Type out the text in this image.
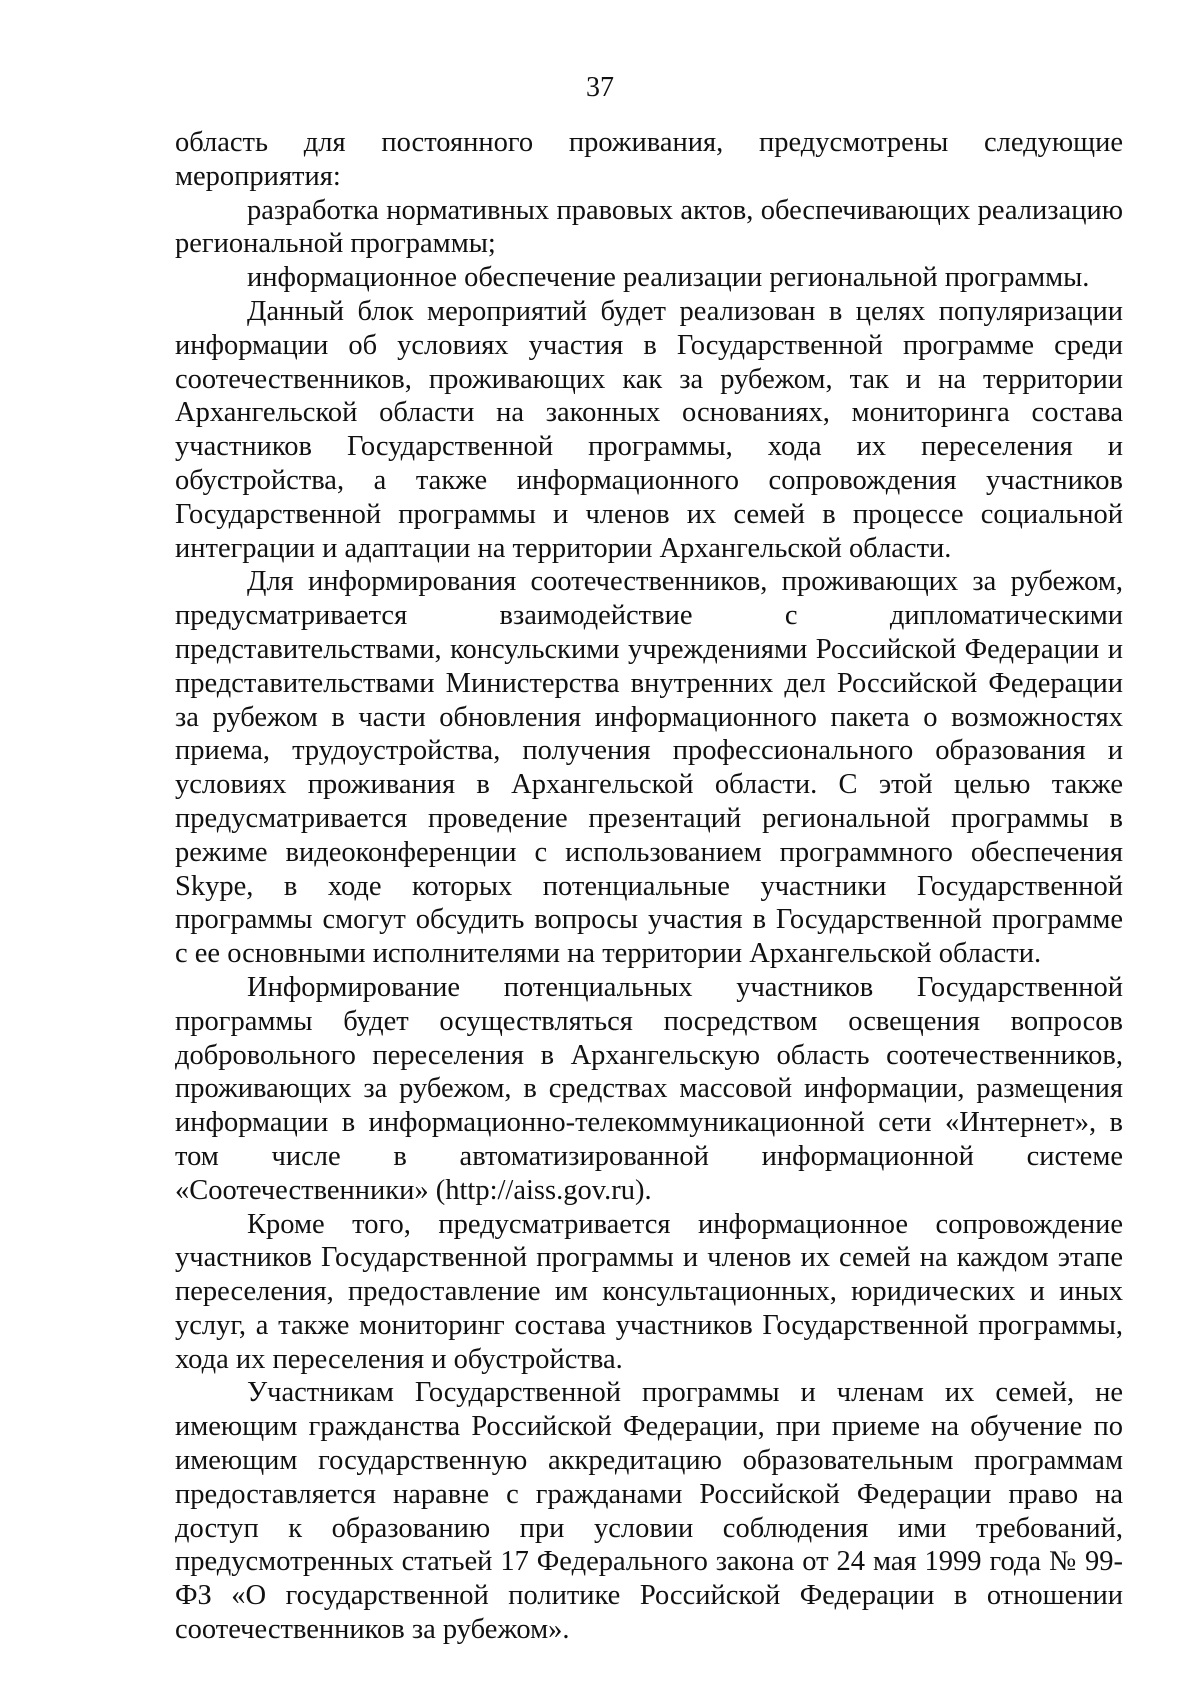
37

область для постоянного проживания, предусмотрены следующие мероприятия:

разработка нормативных правовых актов, обеспечивающих реализацию региональной программы;

информационное обеспечение реализации региональной программы.

Данный блок мероприятий будет реализован в целях популяризации информации об условиях участия в Государственной программе среди соотечественников, проживающих как за рубежом, так и на территории Архангельской области на законных основаниях, мониторинга состава участников Государственной программы, хода их переселения и обустройства, а также информационного сопровождения участников Государственной программы и членов их семей в процессе социальной интеграции и адаптации на территории Архангельской области.

Для информирования соотечественников, проживающих за рубежом, предусматривается взаимодействие с дипломатическими представительствами, консульскими учреждениями Российской Федерации и представительствами Министерства внутренних дел Российской Федерации за рубежом в части обновления информационного пакета о возможностях приема, трудоустройства, получения профессионального образования и условиях проживания в Архангельской области. С этой целью также предусматривается проведение презентаций региональной программы в режиме видеоконференции с использованием программного обеспечения Skype, в ходе которых потенциальные участники Государственной программы смогут обсудить вопросы участия в Государственной программе с ее основными исполнителями на территории Архангельской области.

Информирование потенциальных участников Государственной программы будет осуществляться посредством освещения вопросов добровольного переселения в Архангельскую область соотечественников, проживающих за рубежом, в средствах массовой информации, размещения информации в информационно-телекоммуникационной сети «Интернет», в том числе в автоматизированной информационной системе «Соотечественники» (http://aiss.gov.ru).

Кроме того, предусматривается информационное сопровождение участников Государственной программы и членов их семей на каждом этапе переселения, предоставление им консультационных, юридических и иных услуг, а также мониторинг состава участников Государственной программы, хода их переселения и обустройства.

Участникам Государственной программы и членам их семей, не имеющим гражданства Российской Федерации, при приеме на обучение по имеющим государственную аккредитацию образовательным программам предоставляется наравне с гражданами Российской Федерации право на доступ к образованию при условии соблюдения ими требований, предусмотренных статьей 17 Федерального закона от 24 мая 1999 года № 99-ФЗ «О государственной политике Российской Федерации в отношении соотечественников за рубежом».
